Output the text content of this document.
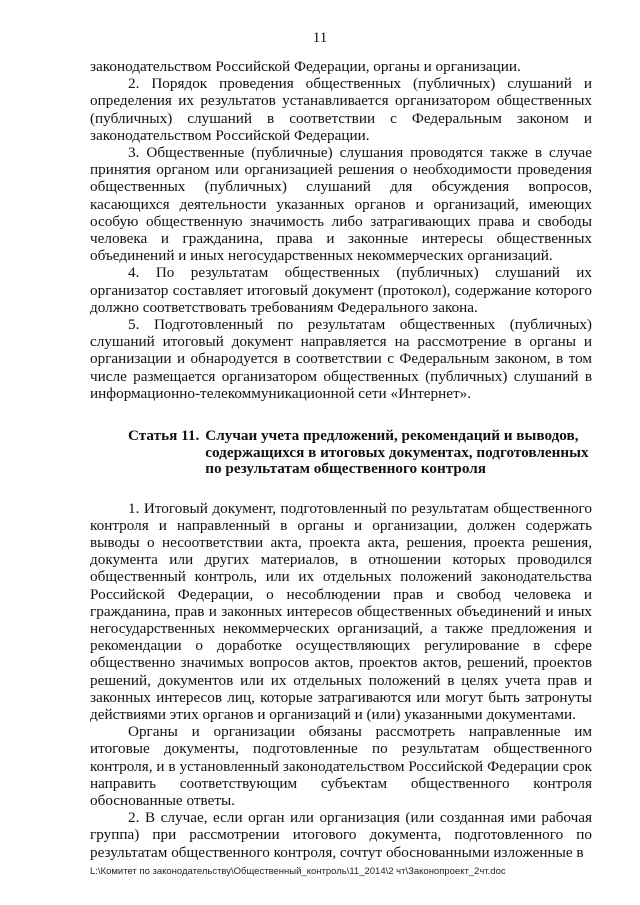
11

законодательством Российской Федерации, органы и организации.

2. Порядок проведения общественных (публичных) слушаний и определения их результатов устанавливается организатором общественных (публичных) слушаний в соответствии с Федеральным законом и законодательством Российской Федерации.

3. Общественные (публичные) слушания проводятся также в случае принятия органом или организацией решения о необходимости проведения общественных (публичных) слушаний для обсуждения вопросов, касающихся деятельности указанных органов и организаций, имеющих особую общественную значимость либо затрагивающих права и свободы человека и гражданина, права и законные интересы общественных объединений и иных негосударственных некоммерческих организаций.

4. По результатам общественных (публичных) слушаний их организатор составляет итоговый документ (протокол), содержание которого должно соответствовать требованиям Федерального закона.

5. Подготовленный по результатам общественных (публичных) слушаний итоговый документ направляется на рассмотрение в органы и организации и обнародуется в соответствии с Федеральным законом, в том числе размещается организатором общественных (публичных) слушаний в информационно-телекоммуникационной сети «Интернет».

Статья 11. Случаи учета предложений, рекомендаций и выводов, содержащихся в итоговых документах, подготовленных по результатам общественного контроля

1. Итоговый документ, подготовленный по результатам общественного контроля и направленный в органы и организации, должен содержать выводы о несоответствии акта, проекта акта, решения, проекта решения, документа или других материалов, в отношении которых проводился общественный контроль, или их отдельных положений законодательства Российской Федерации, о несоблюдении прав и свобод человека и гражданина, прав и законных интересов общественных объединений и иных негосударственных некоммерческих организаций, а также предложения и рекомендации о доработке осуществляющих регулирование в сфере общественно значимых вопросов актов, проектов актов, решений, проектов решений, документов или их отдельных положений в целях учета прав и законных интересов лиц, которые затрагиваются или могут быть затронуты действиями этих органов и организаций и (или) указанными документами.

Органы и организации обязаны рассмотреть направленные им итоговые документы, подготовленные по результатам общественного контроля, и в установленный законодательством Российской Федерации срок направить соответствующим субъектам общественного контроля обоснованные ответы.

2. В случае, если орган или организация (или созданная ими рабочая группа) при рассмотрении итогового документа, подготовленного по результатам общественного контроля, сочтут обоснованными изложенные в

L:\Комитет по законодательству\Общественный_контроль\11_2014\2 чт\Законопроект_2чт.doc
